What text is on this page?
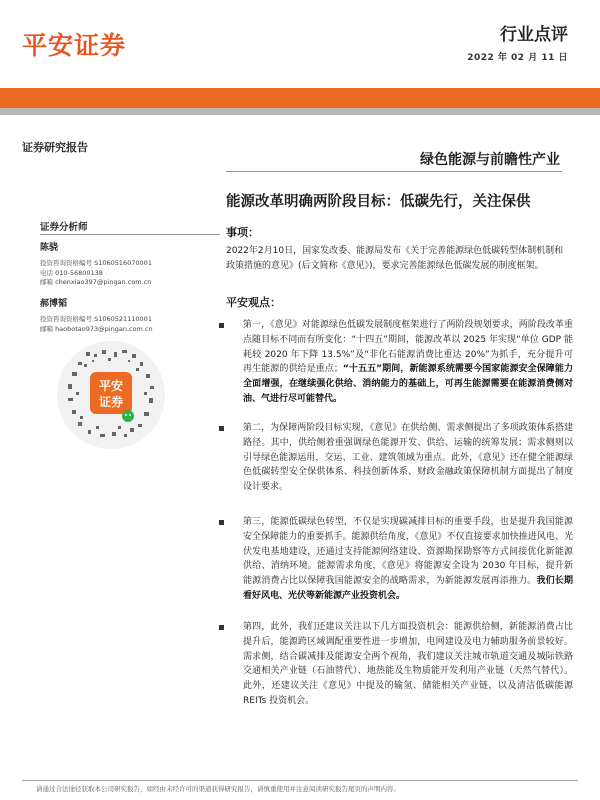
平安证券	行业点评
2022 年 02 月 11 日
证券研究报告
绿色能源与前瞻性产业
能源改革明确两阶段目标：低碳先行，关注保供
证券分析师
陈骁
投资咨询资格编号 S1060516070001
电话 010-56800138
邮箱 chenxiao397@pingan.com.cn
郝博韬
投资咨询资格编号 S1060521110001
邮箱 haobotao973@pingan.com.cn
平安
证券
事项：
2022年2月10日，国家发改委、能源局发布《关于完善能源绿色低碳转型体制机制和政策措施的意见》(后文简称《意见》)，要求完善能源绿色低碳发展的制度框架。
平安观点：
第一，《意见》对能源绿色低碳发展制度框架进行了两阶段规划要求，两阶段改革重点随目标不同而有所变化：“十四五”期间，能源改革以 2025 年实现“单位 GDP 能耗较 2020 年下降 13.5%”及“非化石能源消费比重达 20%”为抓手，充分提升可再生能源的供给是重点；“十五五”期间，新能源系统需要今国家能源安全保障能力全面增强，在继续强化供给、消纳能力的基础上，可再生能源需要在能源消费侧对油、气进行尽可能替代。
第二，为保障两阶段目标实现，《意见》在供给侧、需求侧提出了多项政策体系搭建路径。其中，供给侧着重强调绿色能源开发、供给、运输的统筹发展；需求侧则以引导绿色能源运用，交运、工业、建筑领域为重点。此外，《意见》还在健全能源绿色低碳转型安全保供体系、科技创新体系、财政金融政策保障机制方面提出了制度设计要求。
第三，能源低碳绿色转型，不仅是实现碳减排目标的重要手段，也是提升我国能源安全保障能力的重要抓手。能源供给角度，《意见》不仅直接要求加快推进风电、光伏发电基地建设，还通过支持能源网络建设、资源勘探勘察等方式间接优化新能源供给、消纳环境。能源需求角度，《意见》将能源安全设为 2030 年目标，提升新能源消费占比以保障我国能源安全的战略需求，为新能源发展再添推力。我们长期看好风电、光伏等新能源产业投资机会。
第四，此外，我们还建议关注以下几方面投资机会：能源供给侧，新能源消费占比提升后，能源跨区域调配重要性进一步增加，电网建设及电力辅助服务前景较好。需求侧，结合碳减排及能源安全两个视角，我们建议关注城市轨道交通及城际铁路交通相关产业链（石油替代）、地热能及生物质能开发利用产业链（天然气替代）。此外，还建议关注《意见》中提及的输氢、储能相关产业链，以及清洁低碳能源 REITs 投资机会。
请通过合法途径获取本公司研究报告，如经由未经许可的渠道获得研究报告，请慎重使用并注意阅读研究报告尾页的声明内容。
